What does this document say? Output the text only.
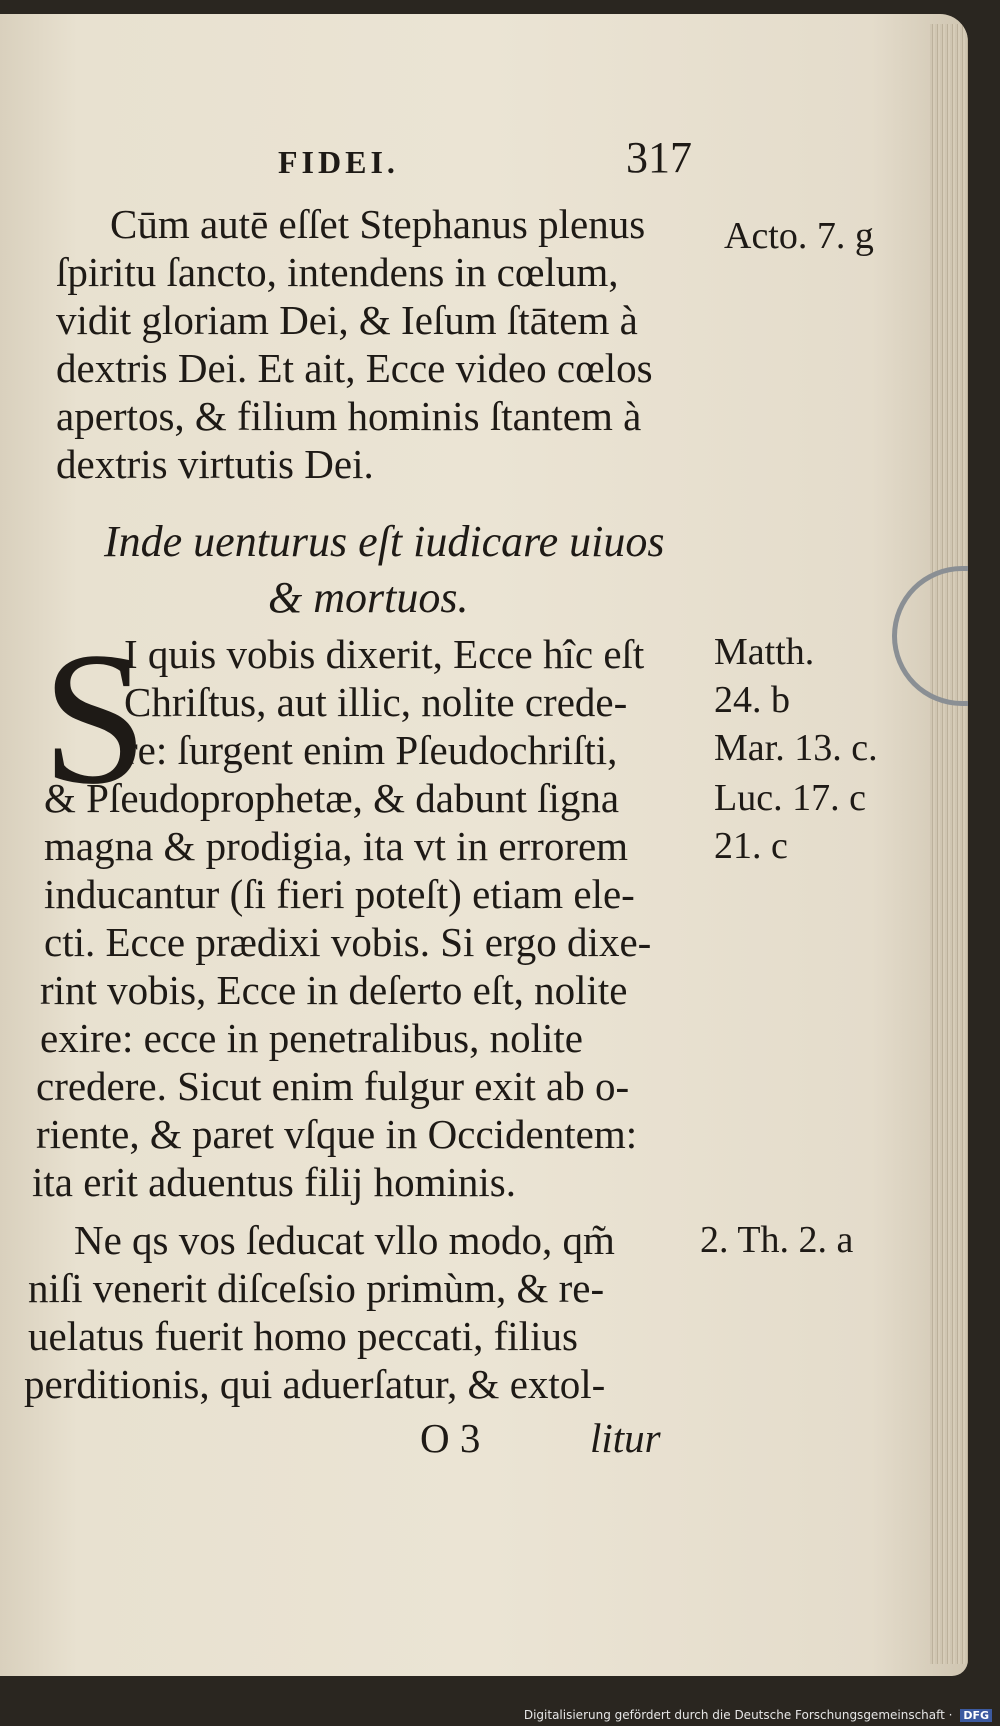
FIDEI.	317
Cūm autē eſſet Stephanus plenus
ſpiritu ſancto, intendens in cœlum,
vidit gloriam Dei, & Ieſum ſtātem à
dextris Dei. Et ait, Ecce video cœlos
apertos, & filium hominis ſtantem à
dextris virtutis Dei.
Inde uenturus eſt iudicare uiuos
& mortuos.
S
I quis vobis dixerit, Ecce hîc eſt
Chriſtus, aut illic, nolite crede-
re: ſurgent enim Pſeudochriſti,
& Pſeudoprophetæ, & dabunt ſigna
magna & prodigia, ita vt in errorem
inducantur (ſi fieri poteſt) etiam ele-
cti. Ecce prædixi vobis. Si ergo dixe-
rint vobis, Ecce in deſerto eſt, nolite
exire: ecce in penetralibus, nolite
credere. Sicut enim fulgur exit ab o-
riente, & paret vſque in Occidentem:
ita erit aduentus filij hominis.
Ne qs vos ſeducat vllo modo, qm̃
niſi venerit diſceſsio primùm, & re-
uelatus fuerit homo peccati, filius
perditionis, qui aduerſatur, & extol-
O 3	litur
Acto. 7. g
Matth.
24. b
Mar. 13. c.
Luc. 17. c
21. c
2. Th. 2. a
Digitalisierung gefördert durch die Deutsche Forschungsgemeinschaft · DFG
